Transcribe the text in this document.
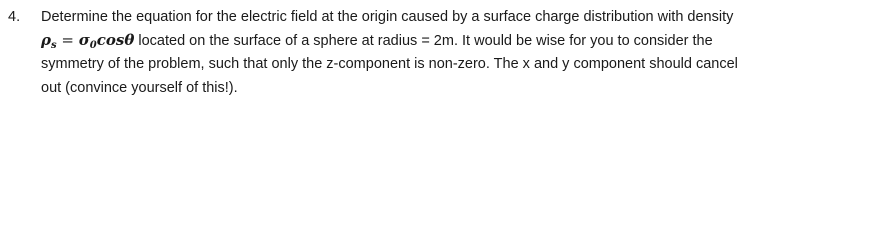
4.	Determine the equation for the electric field at the origin caused by a surface charge distribution with density
$\rho_s = \sigma_0\cos\theta$ located on the surface of a sphere at radius = 2m. It would be wise for you to consider the
symmetry of the problem, such that only the z-component is non-zero. The x and y component should cancel
out (convince yourself of this!).
